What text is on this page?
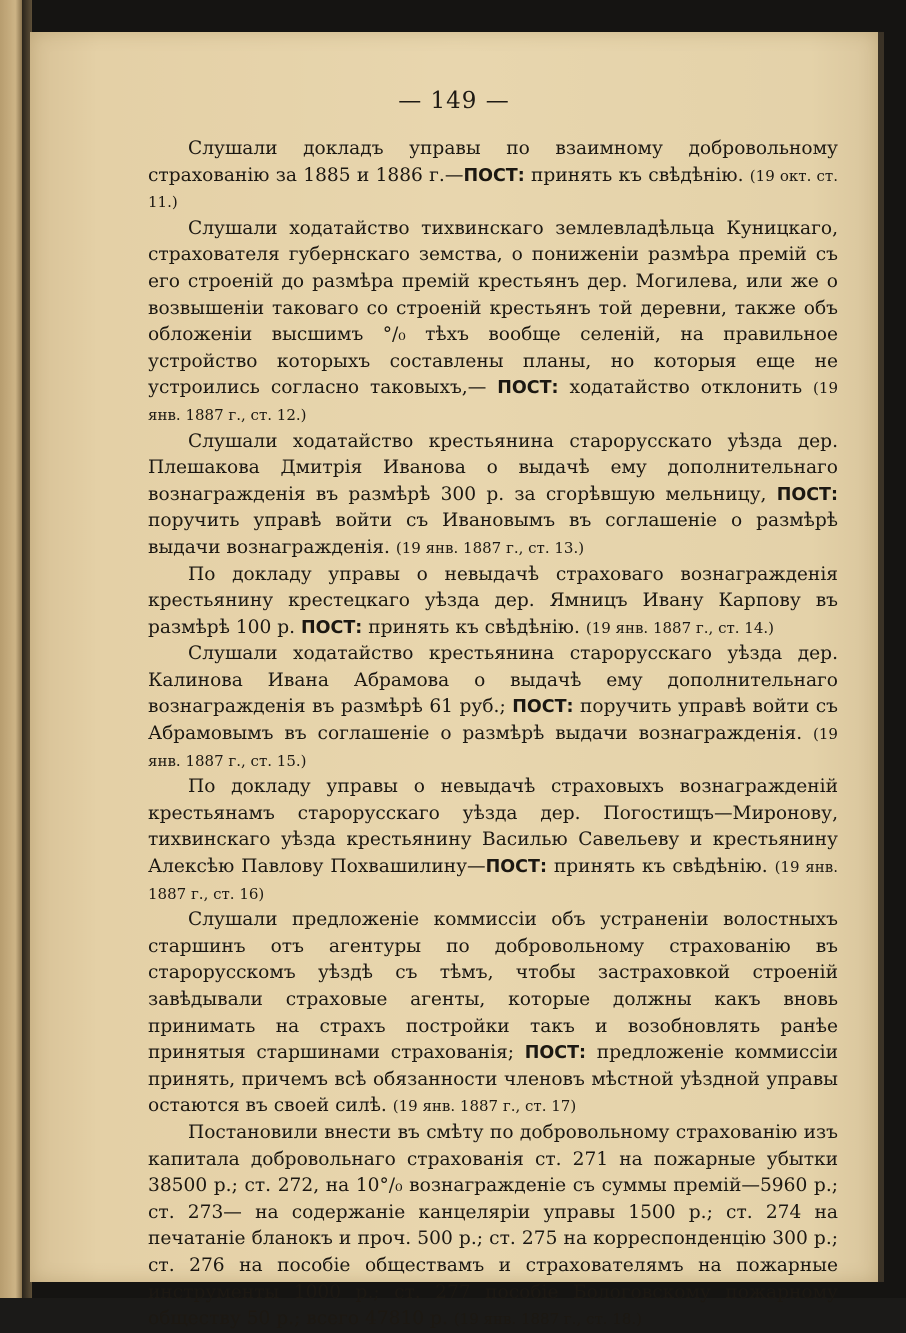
— 149 —

Слушали докладъ управы по взаимному добровольному страхованiю за 1885 и 1886 г.—ПОСТ: принять къ свѣдѣнiю. (19 окт. ст. 11.)

Слушали ходатайство тихвинскаго землевладѣльца Куницкаго, страхователя губернскаго земства, о пониженiи размѣра премiй съ его строенiй до размѣра премiй крестьянъ дер. Могилева, или же о возвышенiи таковаго со строенiй крестьянъ той деревни, также объ обложенiи высшимъ °/₀ тѣхъ вообще селенiй, на правильное устройство которыхъ составлены планы, но которыя еще не устроились согласно таковыхъ,— ПОСТ: ходатайство отклонить (19 янв. 1887 г., ст. 12.)

Слушали ходатайство крестьянина старорусскато уѣзда дер. Плешакова Дмитрiя Иванова о выдачѣ ему дополнительнаго вознагражденiя въ размѣрѣ 300 р. за сгорѣвшую мельницу, ПОСТ: поручить управѣ войти съ Ивановымъ въ соглашенiе о размѣрѣ выдачи вознагражденiя. (19 янв. 1887 г., ст. 13.)

По докладу управы о невыдачѣ страховаго вознагражденiя крестьянину крестецкаго уѣзда дер. Ямницъ Ивану Карпову въ размѣрѣ 100 р. ПОСТ: принять къ свѣдѣнiю. (19 янв. 1887 г., ст. 14.)

Слушали ходатайство крестьянина старорусскаго уѣзда дер. Калинова Ивана Абрамова о выдачѣ ему дополнительнаго вознагражденiя въ размѣрѣ 61 руб.; ПОСТ: поручить управѣ войти съ Абрамовымъ въ соглашенiе о размѣрѣ выдачи вознагражденiя. (19 янв. 1887 г., ст. 15.)

По докладу управы о невыдачѣ страховыхъ вознагражденiй крестьянамъ старорусскаго уѣзда дер. Погостищъ—Миронову, тихвинскаго уѣзда крестьянину Василью Савельеву и крестьянину Алексѣю Павлову Похвашилину—ПОСТ: принять къ свѣдѣнiю. (19 янв. 1887 г., ст. 16)

Слушали предложенiе коммиссiи объ устраненiи волостныхъ старшинъ отъ агентуры по добровольному страхованiю въ старорусскомъ уѣздѣ съ тѣмъ, чтобы застраховкой строенiй завѣдывали страховые агенты, которые должны какъ вновь принимать на страхъ постройки такъ и возобновлять ранѣе принятыя старшинами страхованiя; ПОСТ: предложенiе коммиссiи принять, причемъ всѣ обязанности членовъ мѣстной уѣздной управы остаются въ своей силѣ. (19 янв. 1887 г., ст. 17)

Постановили внести въ смѣту по добровольному страхованiю изъ капитала добровольнаго страхованiя ст. 271 на пожарные убытки 38500 р.; ст. 272, на 10°/₀ вознагражденiе съ суммы премiй—5960 р.; ст. 273— на содержанiе канцелярiи управы 1500 р.; ст. 274 на печатанiе бланокъ и проч. 500 р.; ст. 275 на корреспонденцiю 300 р.; ст. 276 на пособiе обществамъ и страхователямъ на пожарные инструменты 1000 р.; ст. 277 пособiе Бологовскому пожарному обществу 50 р.; всего 47810 р. (19 янв. 1887 г., ст. 18.)
